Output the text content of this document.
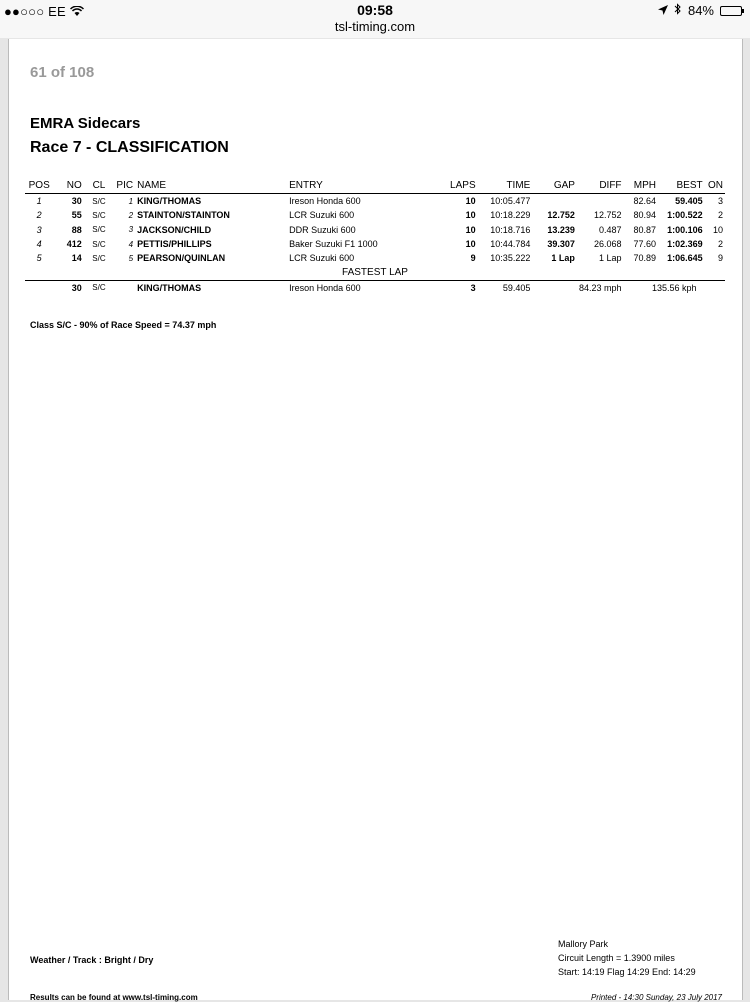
●●○○○ EE	09:58
tsl-timing.com
84%
61 of 108
EMRA Sidecars
Race 7 - CLASSIFICATION
POS	NO	CL	PIC	NAME	ENTRY	LAPS	TIME	GAP	DIFF	MPH	BEST	ON
1	30	S/C	1	KING/THOMAS	Ireson Honda 600	10	10:05.477			82.64	59.405	3
2	55	S/C	2	STAINTON/STAINTON	LCR Suzuki 600	10	10:18.229	12.752	12.752	80.94	1:00.522	2
3	88	S/C	3	JACKSON/CHILD	DDR Suzuki 600	10	10:18.716	13.239	0.487	80.87	1:00.106	10
4	412	S/C	4	PETTIS/PHILLIPS	Baker Suzuki F1 1000	10	10:44.784	39.307	26.068	77.60	1:02.369	2
5	14	S/C	5	PEARSON/QUINLAN	LCR Suzuki 600	9	10:35.222	1 Lap	1 Lap	70.89	1:06.645	9
FASTEST LAP												
	30	S/C		KING/THOMAS	Ireson Honda 600	3	59.405	84.23 mph		135.56 kph		
Class S/C - 90% of Race Speed = 74.37 mph
Weather / Track : Bright / Dry
Mallory Park
Circuit Length = 1.3900 miles
Start: 14:19 Flag 14:29 End: 14:29
Results can be found at www.tsl-timing.com	Printed - 14:30 Sunday, 23 July 2017
